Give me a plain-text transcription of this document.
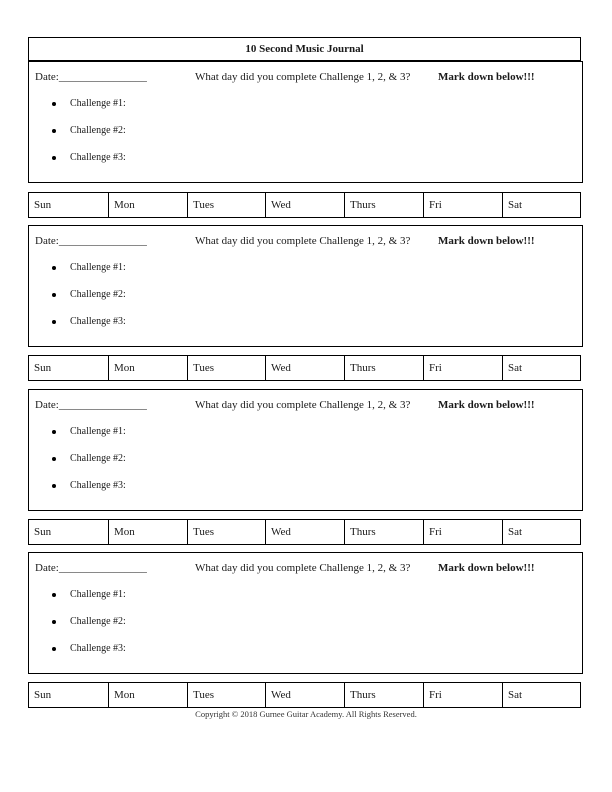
10 Second Music Journal
Date:________________	What day did you complete Challenge 1, 2, & 3?	Mark down below!!!
Challenge #1:
Challenge #2:
Challenge #3:
Sun	Mon	Tues	Wed	Thurs	Fri	Sat
Date:________________	What day did you complete Challenge 1, 2, & 3?	Mark down below!!!
Challenge #1:
Challenge #2:
Challenge #3:
Sun	Mon	Tues	Wed	Thurs	Fri	Sat
Date:________________	What day did you complete Challenge 1, 2, & 3?	Mark down below!!!
Challenge #1:
Challenge #2:
Challenge #3:
Sun	Mon	Tues	Wed	Thurs	Fri	Sat
Date:________________	What day did you complete Challenge 1, 2, & 3?	Mark down below!!!
Challenge #1:
Challenge #2:
Challenge #3:
Sun	Mon	Tues	Wed	Thurs	Fri	Sat
Copyright © 2018 Gurnee Guitar Academy. All Rights Reserved.
